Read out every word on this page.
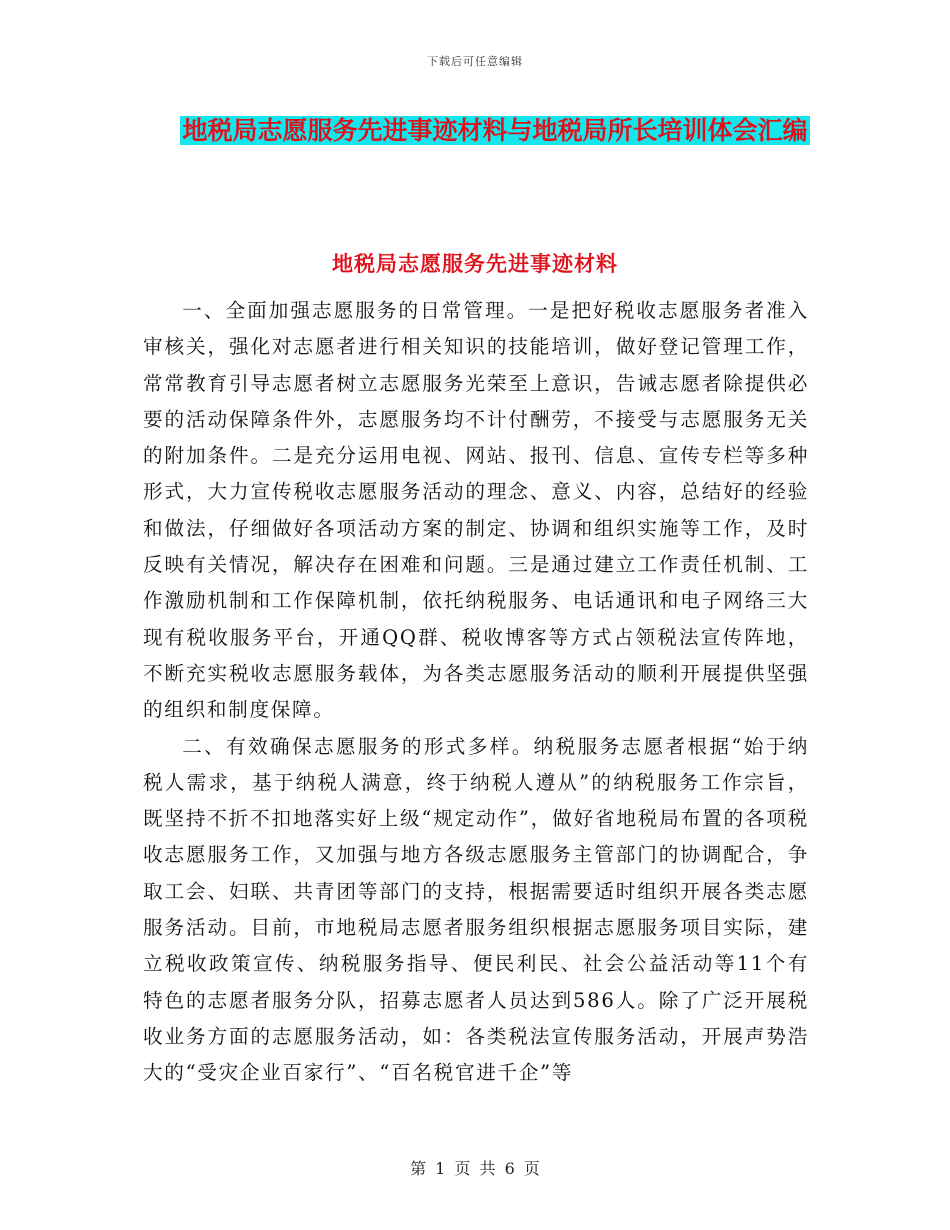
下载后可任意编辑
地税局志愿服务先进事迹材料与地税局所长培训体会汇编
地税局志愿服务先进事迹材料

一、全面加强志愿服务的日常管理。一是把好税收志愿服务者准入审核关，强化对志愿者进行相关知识的技能培训，做好登记管理工作，常常教育引导志愿者树立志愿服务光荣至上意识，告诫志愿者除提供必要的活动保障条件外，志愿服务均不计付酬劳，不接受与志愿服务无关的附加条件。二是充分运用电视、网站、报刊、信息、宣传专栏等多种形式，大力宣传税收志愿服务活动的理念、意义、内容，总结好的经验和做法，仔细做好各项活动方案的制定、协调和组织实施等工作，及时反映有关情况，解决存在困难和问题。三是通过建立工作责任机制、工作激励机制和工作保障机制，依托纳税服务、电话通讯和电子网络三大现有税收服务平台，开通QQ群、税收博客等方式占领税法宣传阵地，不断充实税收志愿服务载体，为各类志愿服务活动的顺利开展提供坚强的组织和制度保障。

二、有效确保志愿服务的形式多样。纳税服务志愿者根据“始于纳税人需求，基于纳税人满意，终于纳税人遵从”的纳税服务工作宗旨，既坚持不折不扣地落实好上级“规定动作”，做好省地税局布置的各项税收志愿服务工作，又加强与地方各级志愿服务主管部门的协调配合，争取工会、妇联、共青团等部门的支持，根据需要适时组织开展各类志愿服务活动。目前，市地税局志愿者服务组织根据志愿服务项目实际，建立税收政策宣传、纳税服务指导、便民利民、社会公益活动等11个有特色的志愿者服务分队，招募志愿者人员达到586人。除了广泛开展税收业务方面的志愿服务活动，如：各类税法宣传服务活动，开展声势浩大的“受灾企业百家行”、“百名税官进千企”等

第 1 页 共 6 页
